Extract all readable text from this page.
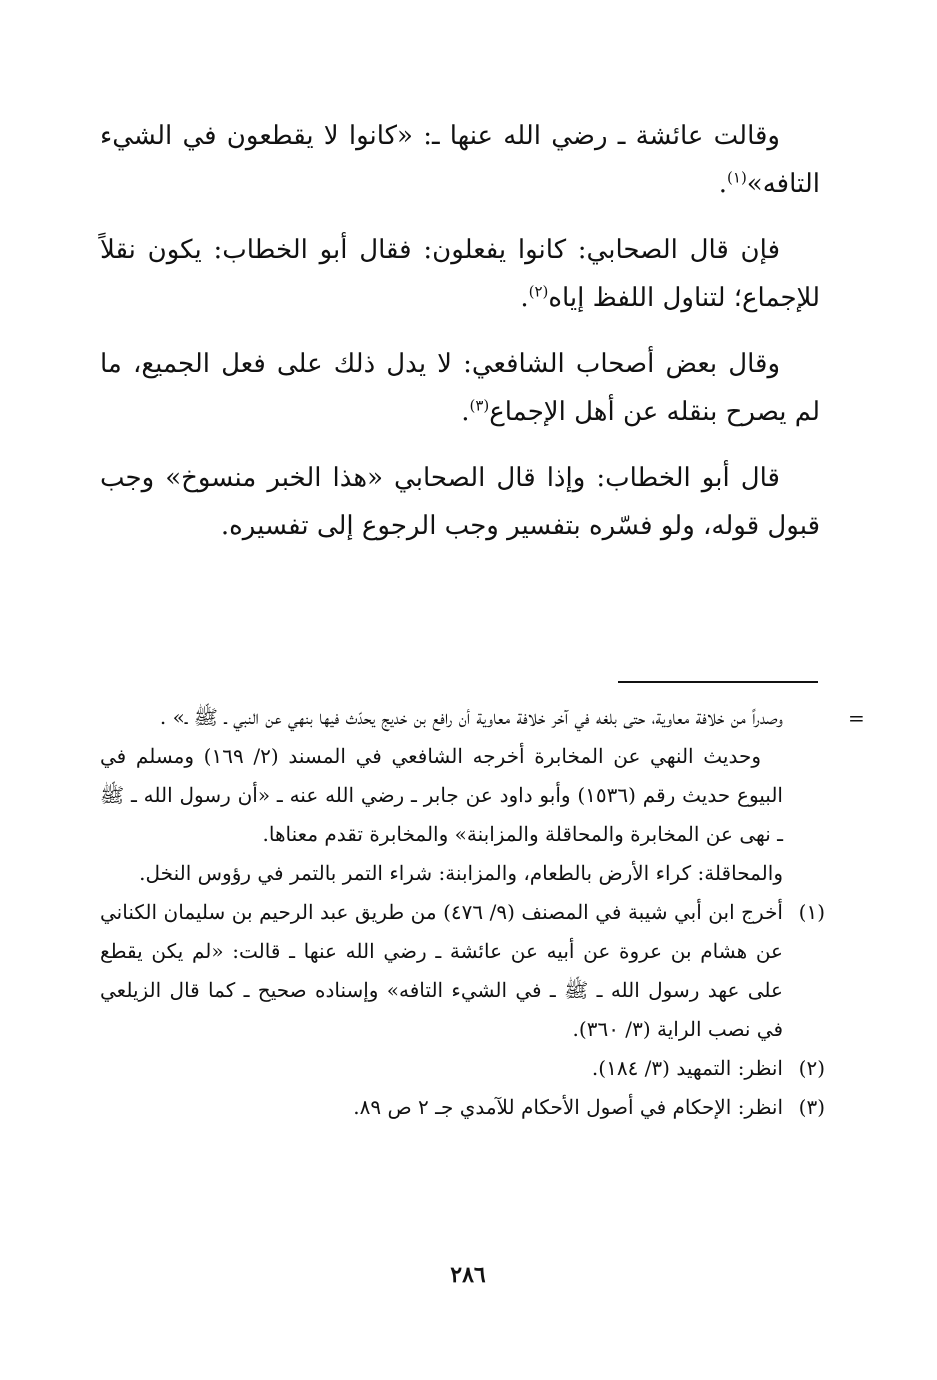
وقالت عائشة ـ رضي الله عنها ـ: «كانوا لا يقطعون في الشيء التافه»$^{(١)}$.

فإن قال الصحابي: كانوا يفعلون: فقال أبو الخطاب: يكون نقلاً للإجماع؛ لتناول اللفظ إياه$^{(٢)}$.

وقال بعض أصحاب الشافعي: لا يدل ذلك على فعل الجميع، ما لم يصرح بنقله عن أهل الإجماع$^{(٣)}$.

قال أبو الخطاب: وإذا قال الصحابي «هذا الخبر منسوخ» وجب قبول قوله، ولو فسّره بتفسير وجب الرجوع إلى تفسيره.

=

وصدراً من خلافة معاوية، حتى بلغه في آخر خلافة معاوية أن رافع بن خديج يحدّث فيها بنهي عن النبي ـ ﷺ ـ» .

وحديث النهي عن المخابرة أخرجه الشافعي في المسند (٢/ ١٦٩) ومسلم في البيوع حديث رقم (١٥٣٦) وأبو داود عن جابر ـ رضي الله عنه ـ «أن رسول الله ـ ﷺ ـ نهى عن المخابرة والمحاقلة والمزابنة» والمخابرة تقدم معناها.

والمحاقلة: كراء الأرض بالطعام، والمزابنة: شراء التمر بالتمر في رؤوس النخل.

(١)
أخرج ابن أبي شيبة في المصنف (٩/ ٤٧٦) من طريق عبد الرحيم بن سليمان الكناني عن هشام بن عروة عن أبيه عن عائشة ـ رضي الله عنها ـ قالت: «لم يكن يقطع على عهد رسول الله ـ ﷺ ـ في الشيء التافه» وإسناده صحيح ـ كما قال الزيلعي في نصب الراية (٣/ ٣٦٠).
(٢)
انظر: التمهيد (٣/ ١٨٤).
(٣)
انظر: الإحكام في أصول الأحكام للآمدي جـ ٢ ص ٨٩.
٢٨٦
